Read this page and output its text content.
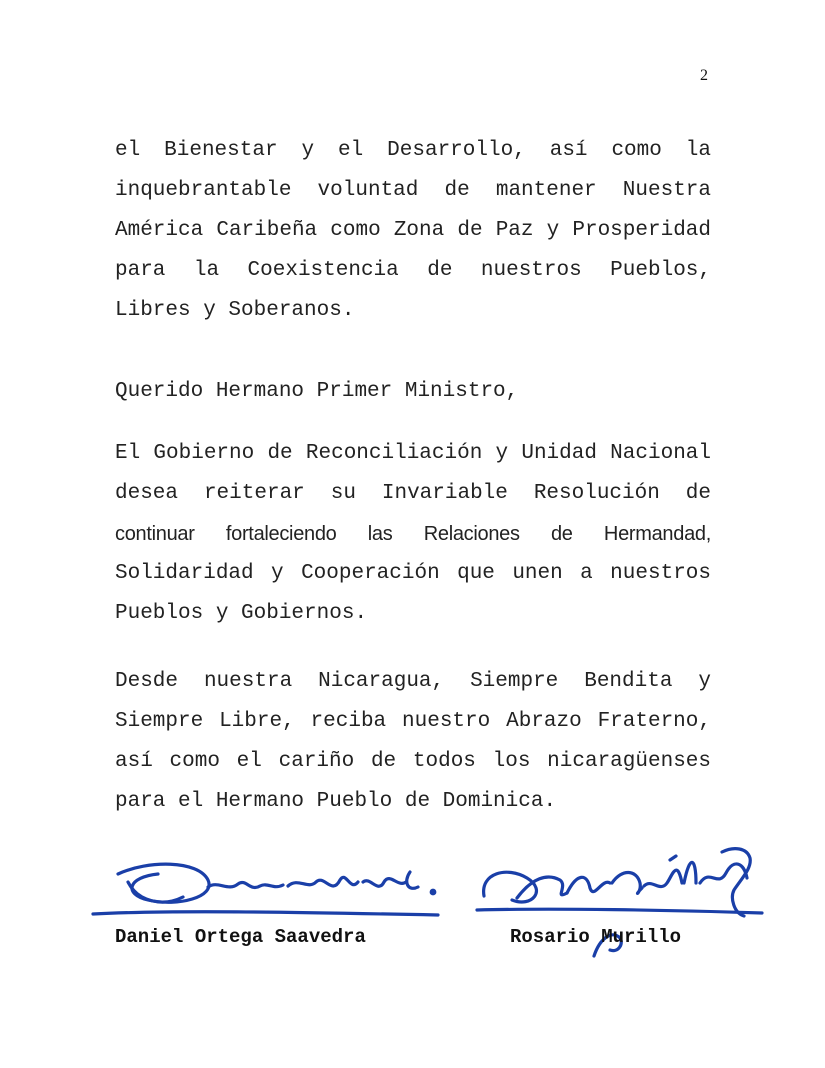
2
el Bienestar y el Desarrollo, así como la
inquebrantable voluntad de mantener Nuestra
América Caribeña como Zona de Paz y Prosperidad
para la Coexistencia de nuestros Pueblos,
Libres y Soberanos.
Querido Hermano Primer Ministro,
El Gobierno de Reconciliación y Unidad Nacional
desea reiterar su Invariable Resolución de
continuar fortaleciendo las Relaciones de Hermandad,
Solidaridad y Cooperación que unen a nuestros
Pueblos y Gobiernos.
Desde nuestra Nicaragua, Siempre Bendita y
Siempre Libre, reciba nuestro Abrazo Fraterno,
así como el cariño de todos los nicaragüenses
para el Hermano Pueblo de Dominica.
Daniel Ortega Saavedra	Rosario Murillo
